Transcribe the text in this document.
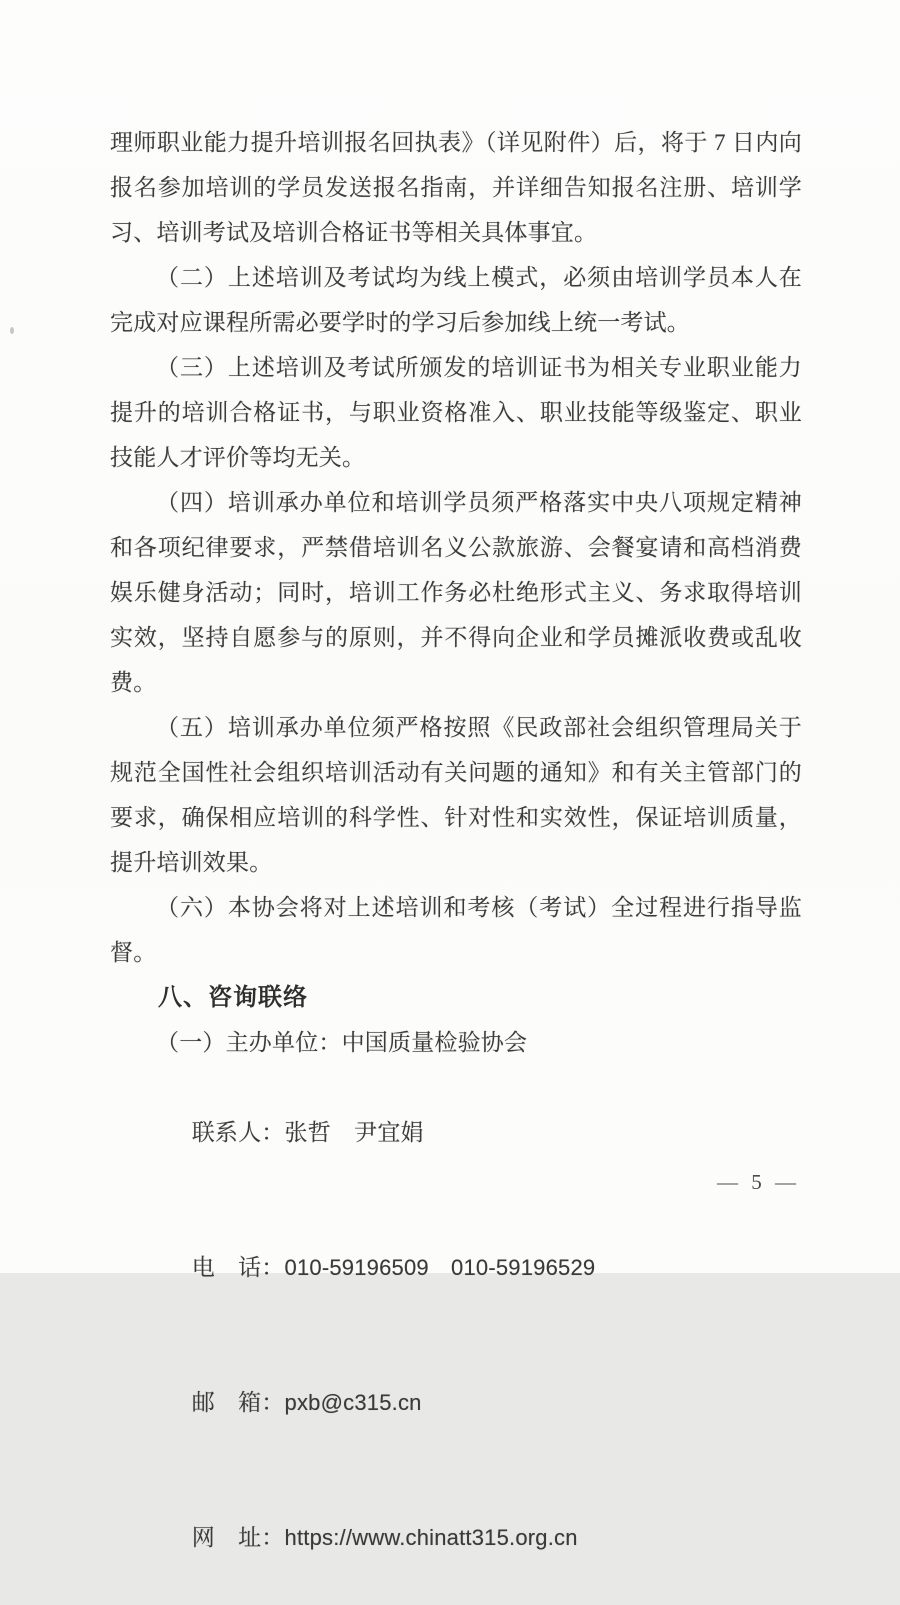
理师职业能力提升培训报名回执表》（详见附件）后，将于 7 日内向报名参加培训的学员发送报名指南，并详细告知报名注册、培训学习、培训考试及培训合格证书等相关具体事宜。

（二）上述培训及考试均为线上模式，必须由培训学员本人在完成对应课程所需必要学时的学习后参加线上统一考试。

（三）上述培训及考试所颁发的培训证书为相关专业职业能力提升的培训合格证书，与职业资格准入、职业技能等级鉴定、职业技能人才评价等均无关。

（四）培训承办单位和培训学员须严格落实中央八项规定精神和各项纪律要求，严禁借培训名义公款旅游、会餐宴请和高档消费娱乐健身活动；同时，培训工作务必杜绝形式主义、务求取得培训实效，坚持自愿参与的原则，并不得向企业和学员摊派收费或乱收费。

（五）培训承办单位须严格按照《民政部社会组织管理局关于规范全国性社会组织培训活动有关问题的通知》和有关主管部门的要求，确保相应培训的科学性、针对性和实效性，保证培训质量，提升培训效果。

（六）本协会将对上述培训和考核（考试）全过程进行指导监督。

八、咨询联络

（一）主办单位：中国质量检验协会

联系人：张哲　尹宜娟

电　话：010-59196509　010-59196529

邮　箱：pxb@c315.cn

网　址：https://www.chinatt315.org.cn

— 5 —
